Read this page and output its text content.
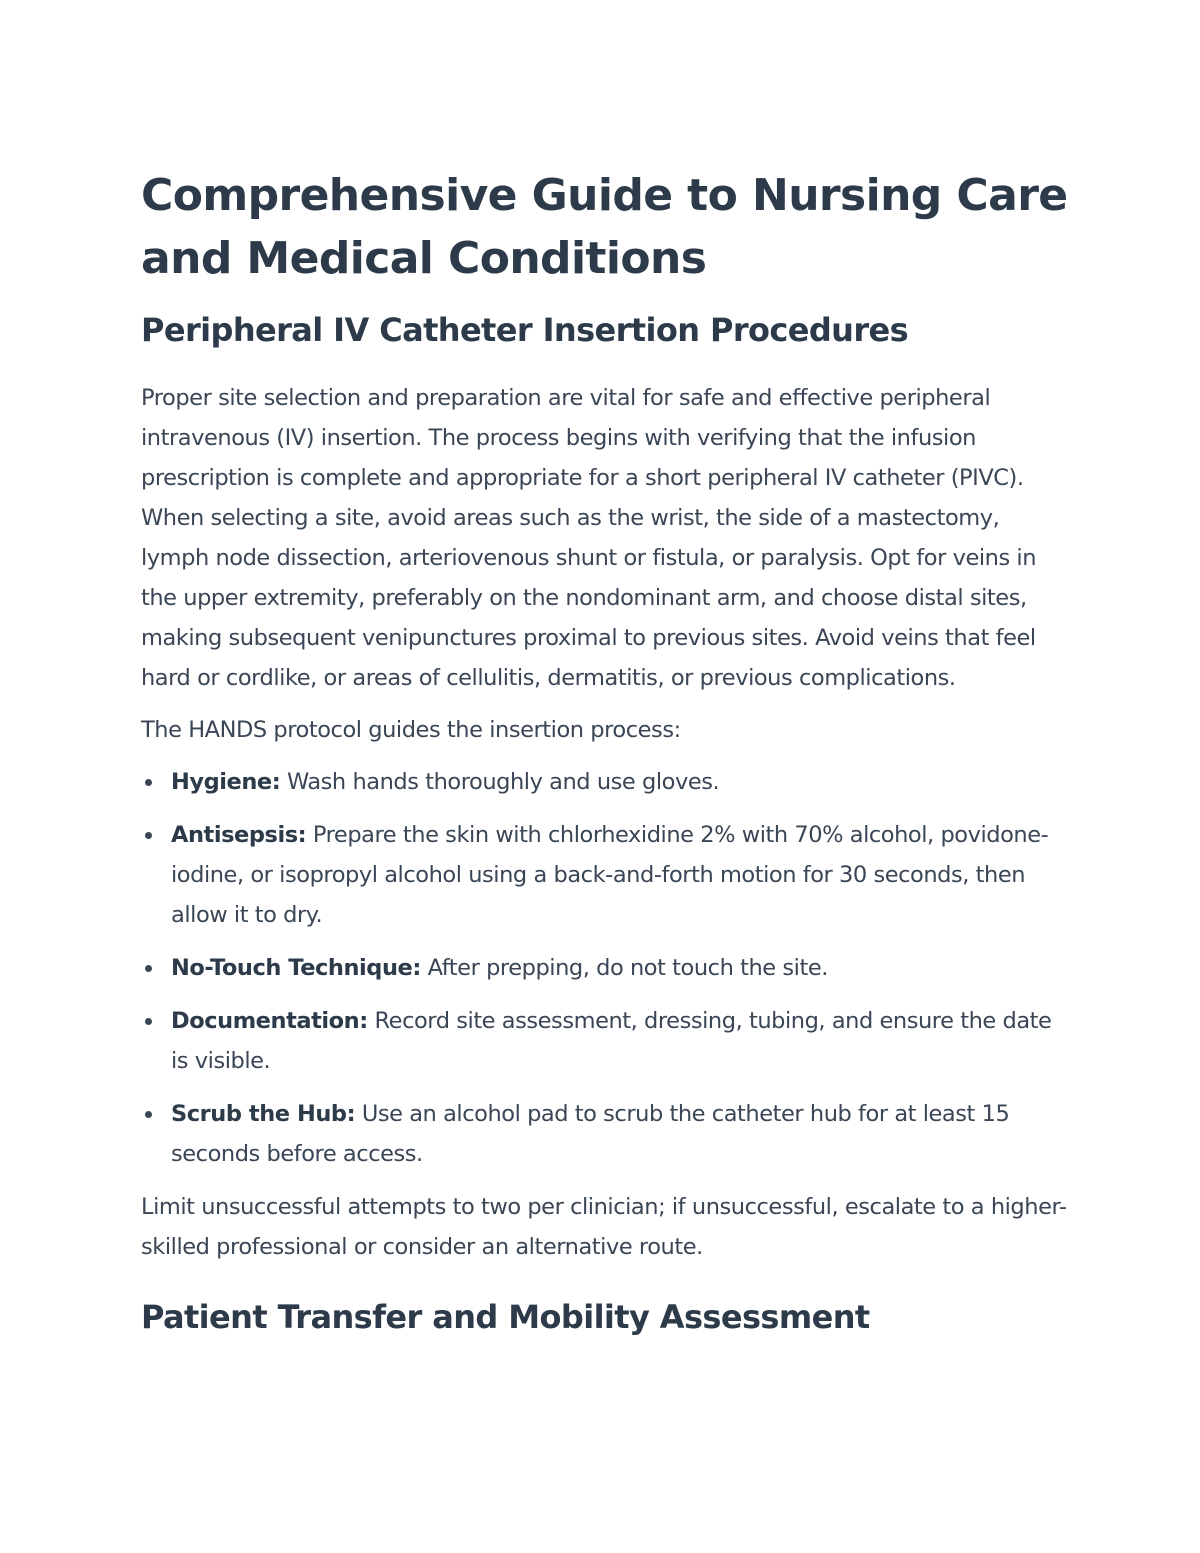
Comprehensive Guide to Nursing Care and Medical Conditions
Peripheral IV Catheter Insertion Procedures

Proper site selection and preparation are vital for safe and effective peripheral intravenous (IV) insertion. The process begins with verifying that the infusion prescription is complete and appropriate for a short peripheral IV catheter (PIVC). When selecting a site, avoid areas such as the wrist, the side of a mastectomy, lymph node dissection, arteriovenous shunt or fistula, or paralysis. Opt for veins in the upper extremity, preferably on the nondominant arm, and choose distal sites, making subsequent venipunctures proximal to previous sites. Avoid veins that feel hard or cordlike, or areas of cellulitis, dermatitis, or previous complications.

The HANDS protocol guides the insertion process:

Hygiene: Wash hands thoroughly and use gloves.
Antisepsis: Prepare the skin with chlorhexidine 2% with 70% alcohol, povidone-iodine, or isopropyl alcohol using a back-and-forth motion for 30 seconds, then allow it to dry.
No-Touch Technique: After prepping, do not touch the site.
Documentation: Record site assessment, dressing, tubing, and ensure the date is visible.
Scrub the Hub: Use an alcohol pad to scrub the catheter hub for at least 15 seconds before access.

Limit unsuccessful attempts to two per clinician; if unsuccessful, escalate to a higher-skilled professional or consider an alternative route.

Patient Transfer and Mobility Assessment
